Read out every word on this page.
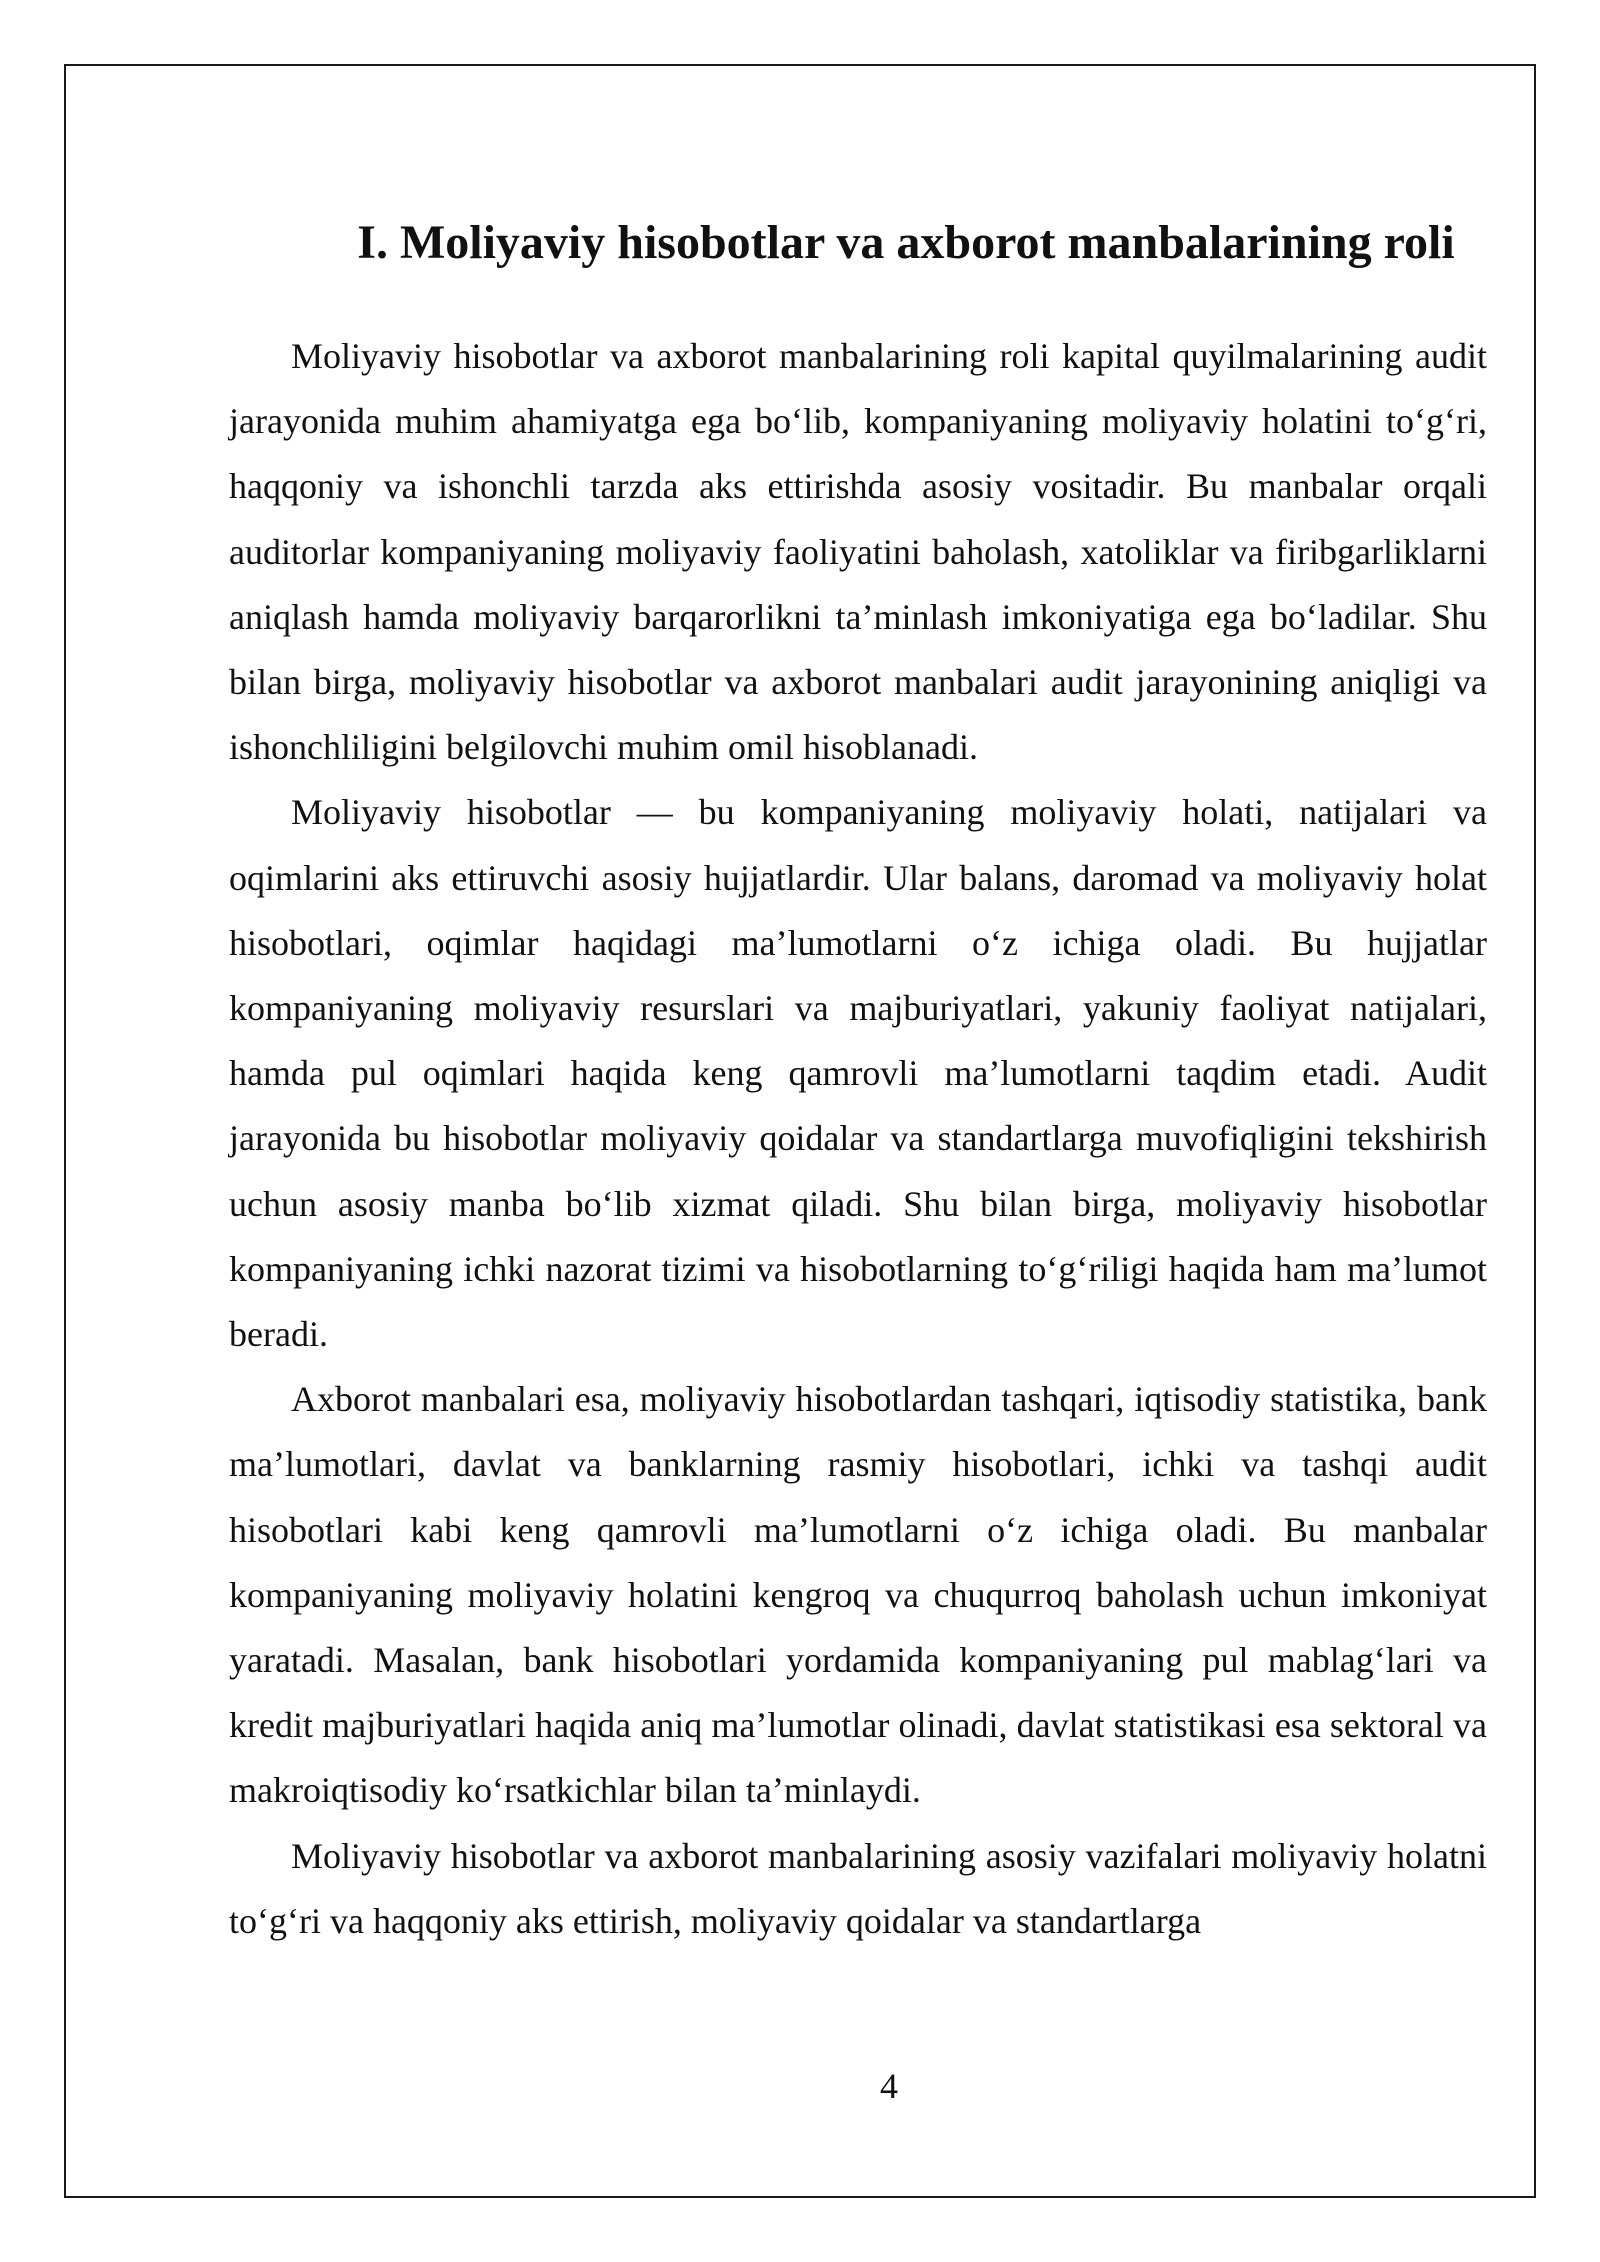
I. Moliyaviy hisobotlar va axborot manbalarining roli

Moliyaviy hisobotlar va axborot manbalarining roli kapital quyilmalarining audit jarayonida muhim ahamiyatga ega bo‘lib, kompaniyaning moliyaviy holatini to‘g‘ri, haqqoniy va ishonchli tarzda aks ettirishda asosiy vositadir. Bu manbalar orqali auditorlar kompaniyaning moliyaviy faoliyatini baholash, xatoliklar va firibgarliklarni aniqlash hamda moliyaviy barqarorlikni ta’minlash imkoniyatiga ega bo‘ladilar. Shu bilan birga, moliyaviy hisobotlar va axborot manbalari audit jarayonining aniqligi va ishonchliligini belgilovchi muhim omil hisoblanadi.

Moliyaviy hisobotlar — bu kompaniyaning moliyaviy holati, natijalari va oqimlarini aks ettiruvchi asosiy hujjatlardir. Ular balans, daromad va moliyaviy holat hisobotlari, oqimlar haqidagi ma’lumotlarni o‘z ichiga oladi. Bu hujjatlar kompaniyaning moliyaviy resurslari va majburiyatlari, yakuniy faoliyat natijalari, hamda pul oqimlari haqida keng qamrovli ma’lumotlarni taqdim etadi. Audit jarayonida bu hisobotlar moliyaviy qoidalar va standartlarga muvofiqligini tekshirish uchun asosiy manba bo‘lib xizmat qiladi. Shu bilan birga, moliyaviy hisobotlar kompaniyaning ichki nazorat tizimi va hisobotlarning to‘g‘riligi haqida ham ma’lumot beradi.

Axborot manbalari esa, moliyaviy hisobotlardan tashqari, iqtisodiy statistika, bank ma’lumotlari, davlat va banklarning rasmiy hisobotlari, ichki va tashqi audit hisobotlari kabi keng qamrovli ma’lumotlarni o‘z ichiga oladi. Bu manbalar kompaniyaning moliyaviy holatini kengroq va chuqurroq baholash uchun imkoniyat yaratadi. Masalan, bank hisobotlari yordamida kompaniyaning pul mablag‘lari va kredit majburiyatlari haqida aniq ma’lumotlar olinadi, davlat statistikasi esa sektoral va makroiqtisodiy ko‘rsatkichlar bilan ta’minlaydi.

Moliyaviy hisobotlar va axborot manbalarining asosiy vazifalari moliyaviy holatni to‘g‘ri va haqqoniy aks ettirish, moliyaviy qoidalar va standartlarga

4
